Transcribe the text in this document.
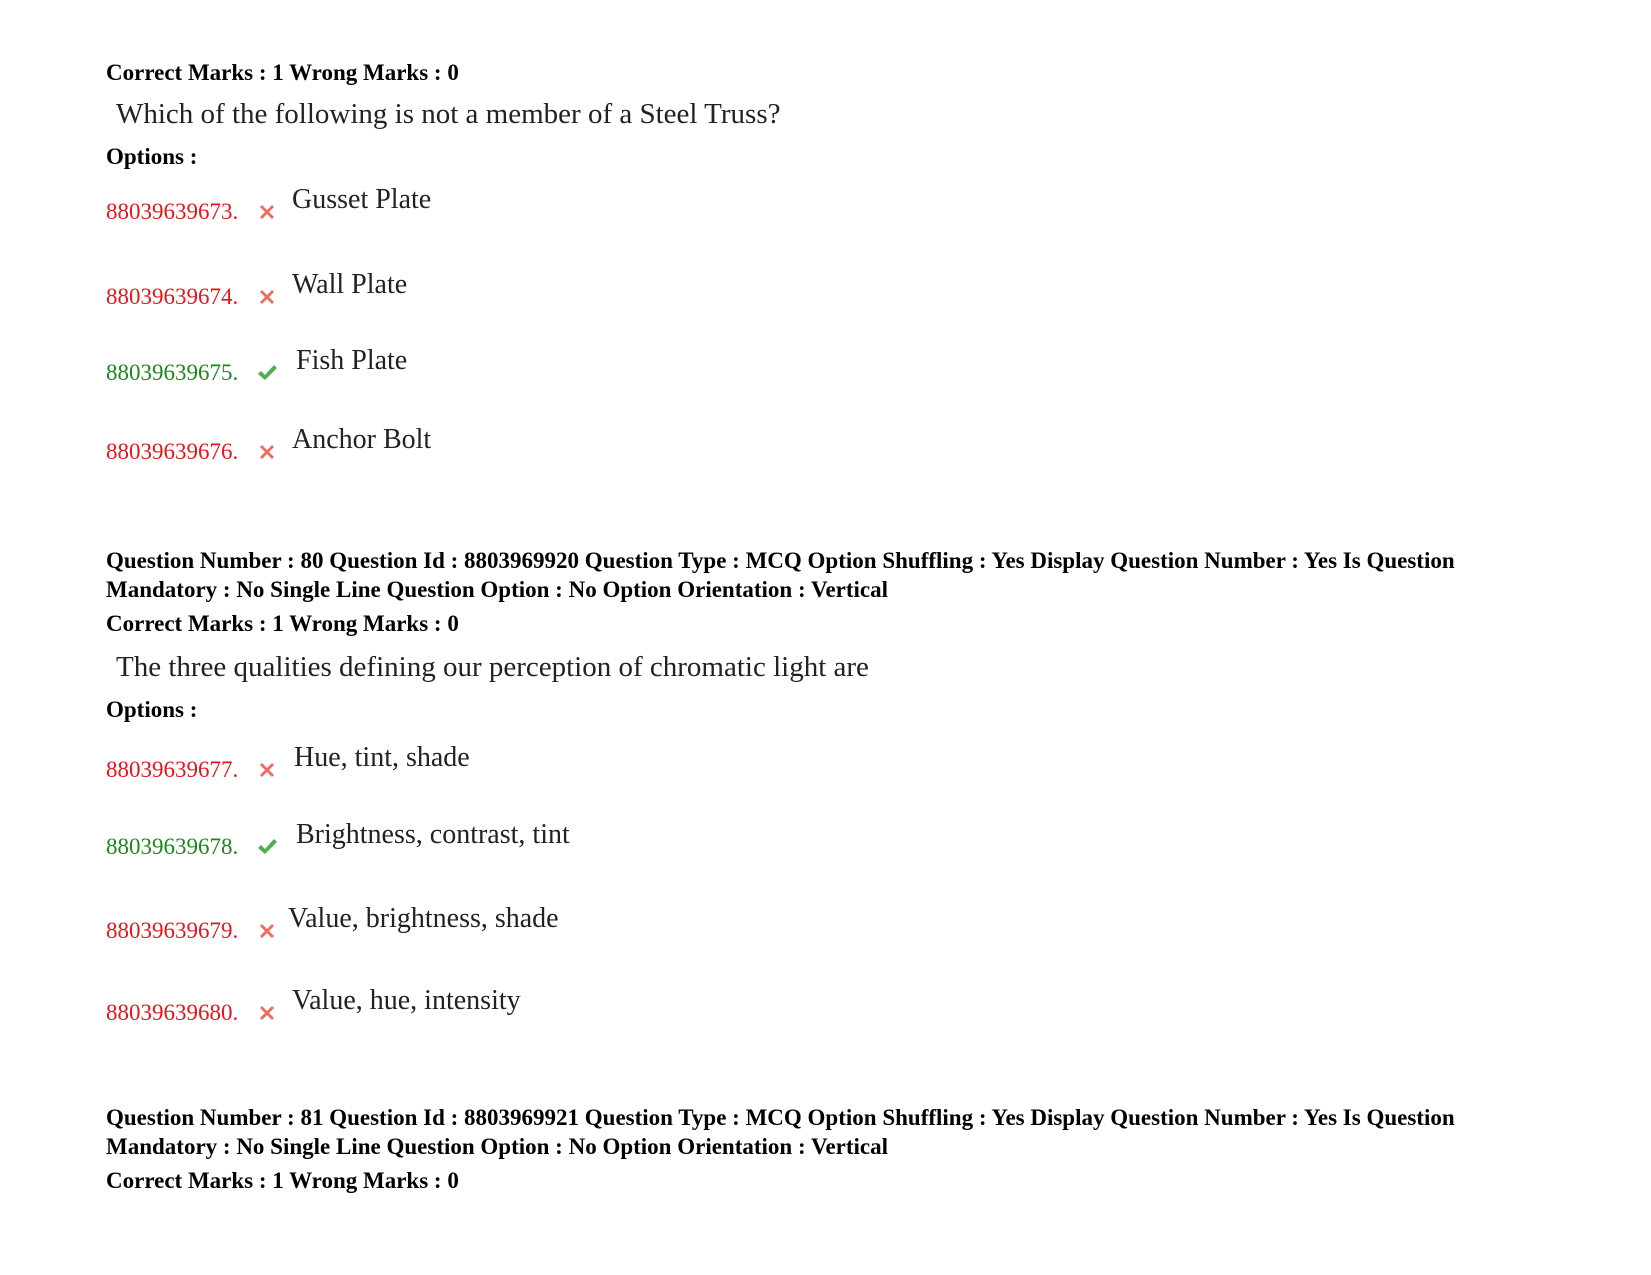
Correct Marks : 1 Wrong Marks : 0
Which of the following is not a member of a Steel Truss?
Options :
88039639673. Gusset Plate
88039639674. Wall Plate
88039639675. Fish Plate
88039639676. Anchor Bolt
Question Number : 80 Question Id : 8803969920 Question Type : MCQ Option Shuffling : Yes Display Question Number : Yes Is Question Mandatory : No Single Line Question Option : No Option Orientation : Vertical
Correct Marks : 1 Wrong Marks : 0
The three qualities defining our perception of chromatic light are
Options :
88039639677. Hue, tint, shade
88039639678. Brightness, contrast, tint
88039639679. Value, brightness, shade
88039639680. Value, hue, intensity
Question Number : 81 Question Id : 8803969921 Question Type : MCQ Option Shuffling : Yes Display Question Number : Yes Is Question Mandatory : No Single Line Question Option : No Option Orientation : Vertical
Correct Marks : 1 Wrong Marks : 0
